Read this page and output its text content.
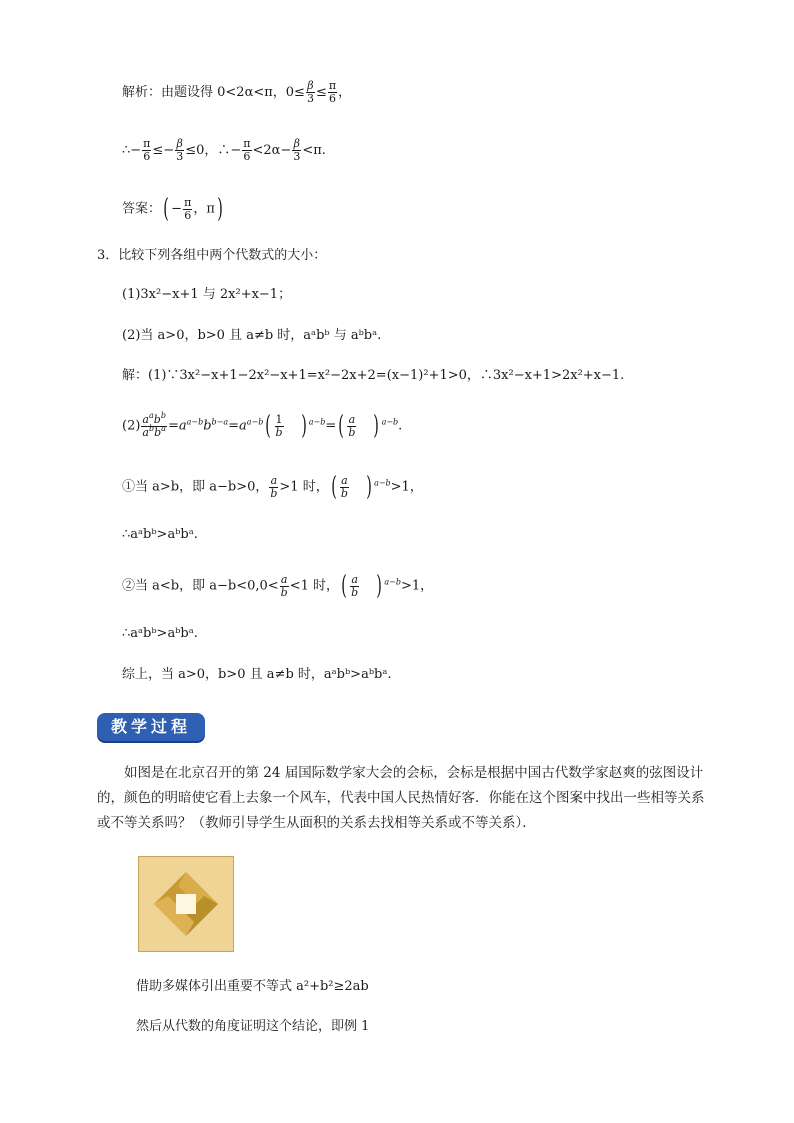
解析：由题设得 0<2α<π，$0\le \frac{\beta}{3} \le \frac{\pi}{6}$ ，
∴− $\frac{\pi}{6} \le- \frac{\beta}{3} \le 0$，∴− $\frac{\pi}{6} <2\alpha- \frac{\beta}{3} <\pi$.
答案：( − $\frac{\pi}{6}$ ，π)
3．比较下列各组中两个代数式的大小：
(1)3x²−x+1 与 2x²+x−1；
(2)当 a>0，b>0 且 a≠b 时，aᵃbᵇ 与 aᵇbᵃ.
解：(1)∵3x²−x+1−2x²−x+1=x²−2x+2=(x−1)²+1>0，∴3x²−x+1>2x²+x−1.
$(2) \frac{a^ab^b}{a^bb^a} =a^{a-b}b^{b-a}=a^{a-b}( \frac{1}{b}$ ) $^{a-b}=( \frac{a}{b}$ ) $^{a-b}$.
①当 a>b，即 a−b>0， $\frac{a}{b} >1$ 时，( $\frac{a}{b}$ ) $^{a-b}$>1，
∴aᵃbᵇ>aᵇbᵃ.
②当 a<b，即 $a-b<0,0< \frac{a}{b} <1$ 时，( $\frac{a}{b}$ ) $^{a-b}$>1，
∴aᵃbᵇ>aᵇbᵃ.
综上，当 a>0，b>0 且 a≠b 时，aᵃbᵇ>aᵇbᵃ.
教学过程
如图是在北京召开的第 24 届国际数学家大会的会标，会标是根据中国古代数学家赵爽的弦图设计的，颜色的明暗使它看上去象一个风车，代表中国人民热情好客．你能在这个图案中找出一些相等关系或不等关系吗？（教师引导学生从面积的关系去找相等关系或不等关系）．
借助多媒体引出重要不等式 a²+b²≥2ab
然后从代数的角度证明这个结论，即例 1
